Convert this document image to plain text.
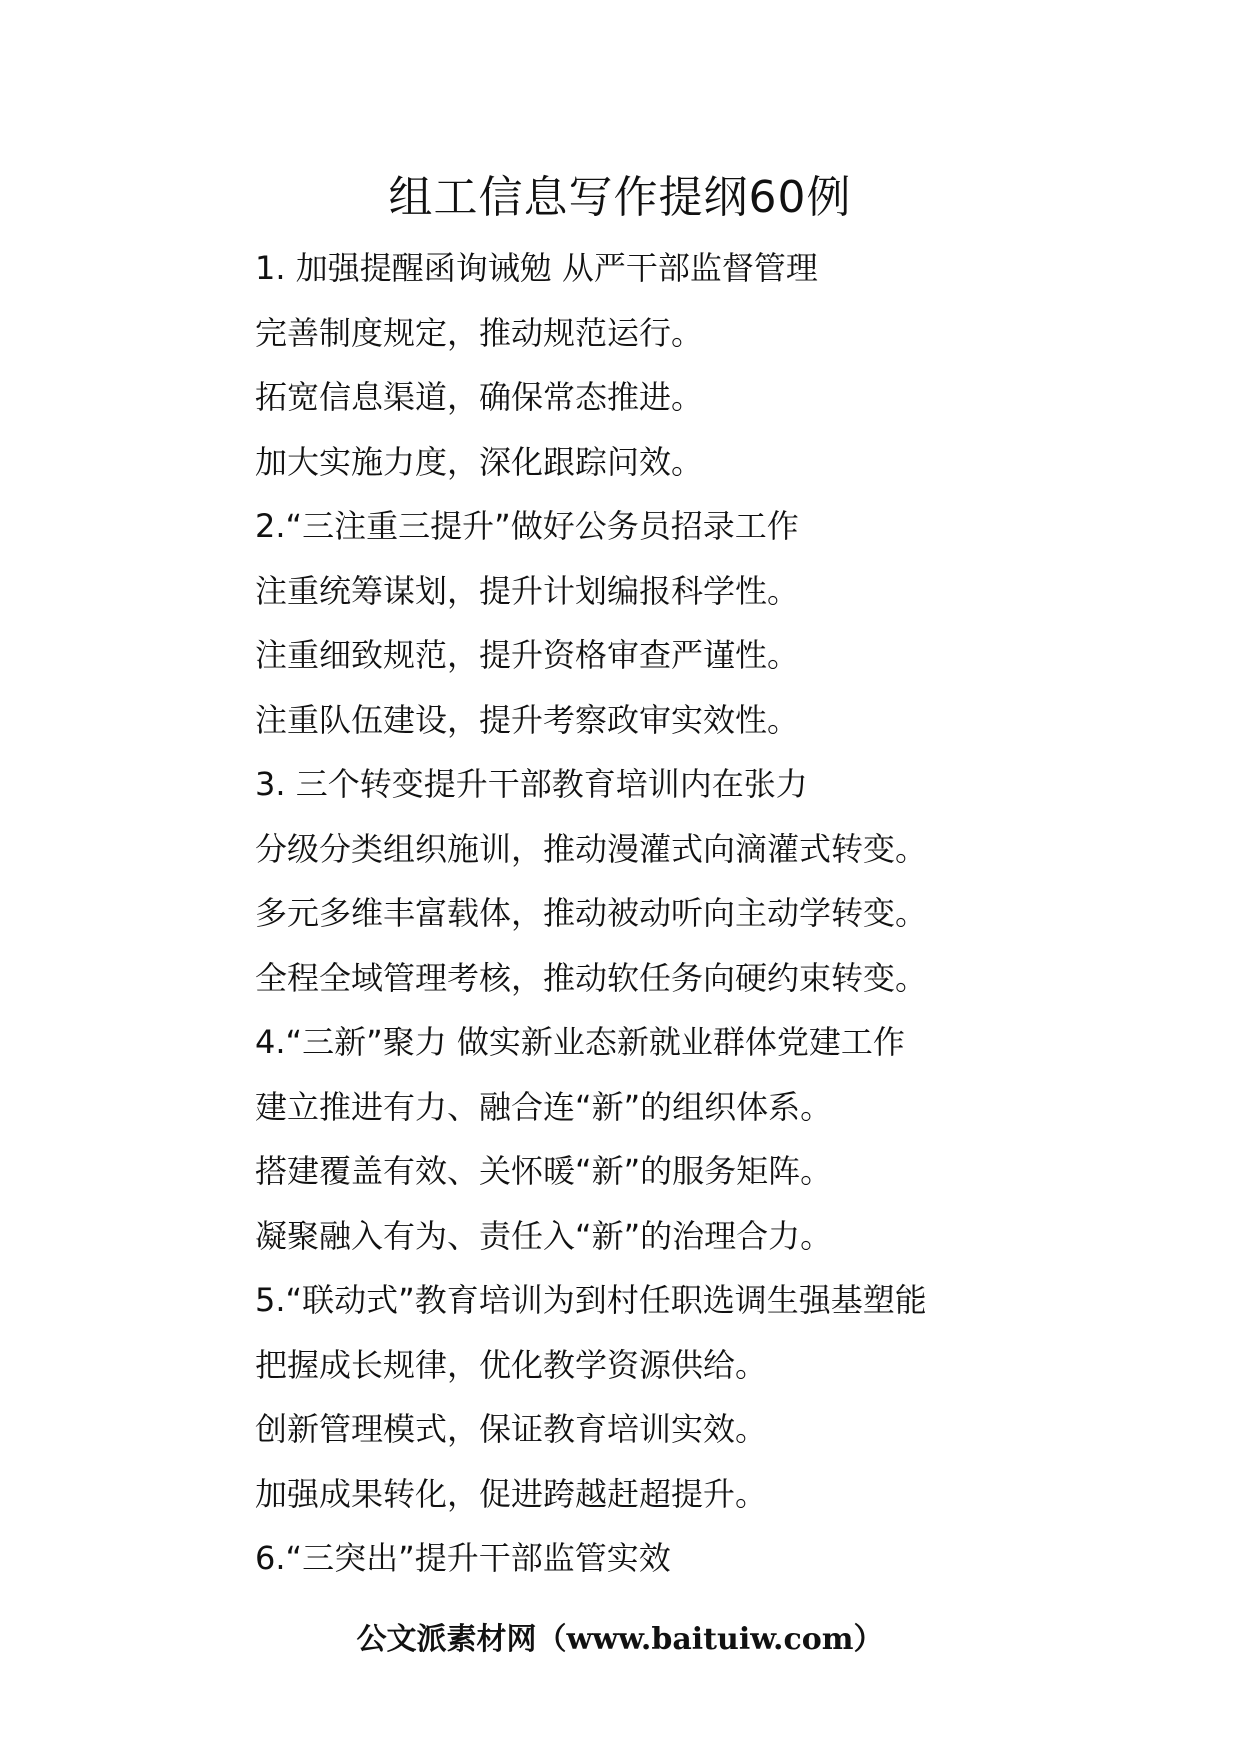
组工信息写作提纲60例
1. 加强提醒函询诫勉 从严干部监督管理
完善制度规定，推动规范运行。
拓宽信息渠道，确保常态推进。
加大实施力度，深化跟踪问效。
2.“三注重三提升”做好公务员招录工作
注重统筹谋划，提升计划编报科学性。
注重细致规范，提升资格审查严谨性。
注重队伍建设，提升考察政审实效性。
3. 三个转变提升干部教育培训内在张力
分级分类组织施训，推动漫灌式向滴灌式转变。
多元多维丰富载体，推动被动听向主动学转变。
全程全域管理考核，推动软任务向硬约束转变。
4.“三新”聚力 做实新业态新就业群体党建工作
建立推进有力、融合连“新”的组织体系。
搭建覆盖有效、关怀暖“新”的服务矩阵。
凝聚融入有为、责任入“新”的治理合力。
5.“联动式”教育培训为到村任职选调生强基塑能
把握成长规律，优化教学资源供给。
创新管理模式，保证教育培训实效。
加强成果转化，促进跨越赶超提升。
6.“三突出”提升干部监管实效
公文派素材网（www.baituiw.com）
